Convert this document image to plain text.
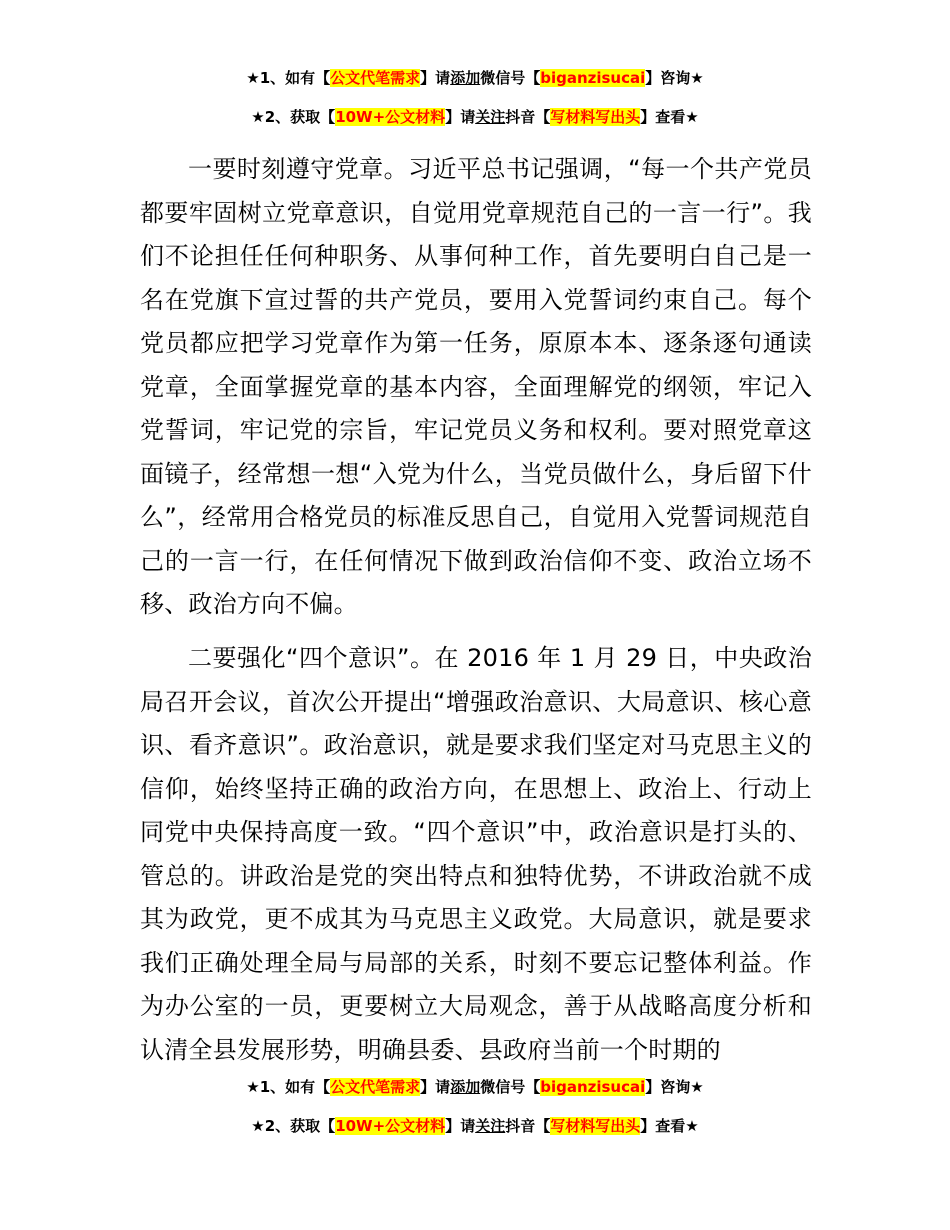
★1、如有【公文代笔需求】请添加微信号【biganzisucai】咨询★
★2、获取【10W+公文材料】请关注抖音【写材料写出头】查看★

一要时刻遵守党章。习近平总书记强调，“每一个共产党员都要牢固树立党章意识，自觉用党章规范自己的一言一行”。我们不论担任任何种职务、从事何种工作，首先要明白自己是一名在党旗下宣过誓的共产党员，要用入党誓词约束自己。每个党员都应把学习党章作为第一任务，原原本本、逐条逐句通读党章，全面掌握党章的基本内容，全面理解党的纲领，牢记入党誓词，牢记党的宗旨，牢记党员义务和权利。要对照党章这面镜子，经常想一想“入党为什么，当党员做什么，身后留下什么”，经常用合格党员的标准反思自己，自觉用入党誓词规范自己的一言一行，在任何情况下做到政治信仰不变、政治立场不移、政治方向不偏。

二要强化“四个意识”。在 2016 年 1 月 29 日，中央政治局召开会议，首次公开提出“增强政治意识、大局意识、核心意识、看齐意识”。政治意识，就是要求我们坚定对马克思主义的信仰，始终坚持正确的政治方向，在思想上、政治上、行动上同党中央保持高度一致。“四个意识”中，政治意识是打头的、管总的。讲政治是党的突出特点和独特优势，不讲政治就不成其为政党，更不成其为马克思主义政党。大局意识，就是要求我们正确处理全局与局部的关系，时刻不要忘记整体利益。作为办公室的一员，更要树立大局观念，善于从战略高度分析和认清全县发展形势，明确县委、县政府当前一个时期的

★1、如有【公文代笔需求】请添加微信号【biganzisucai】咨询★
★2、获取【10W+公文材料】请关注抖音【写材料写出头】查看★
